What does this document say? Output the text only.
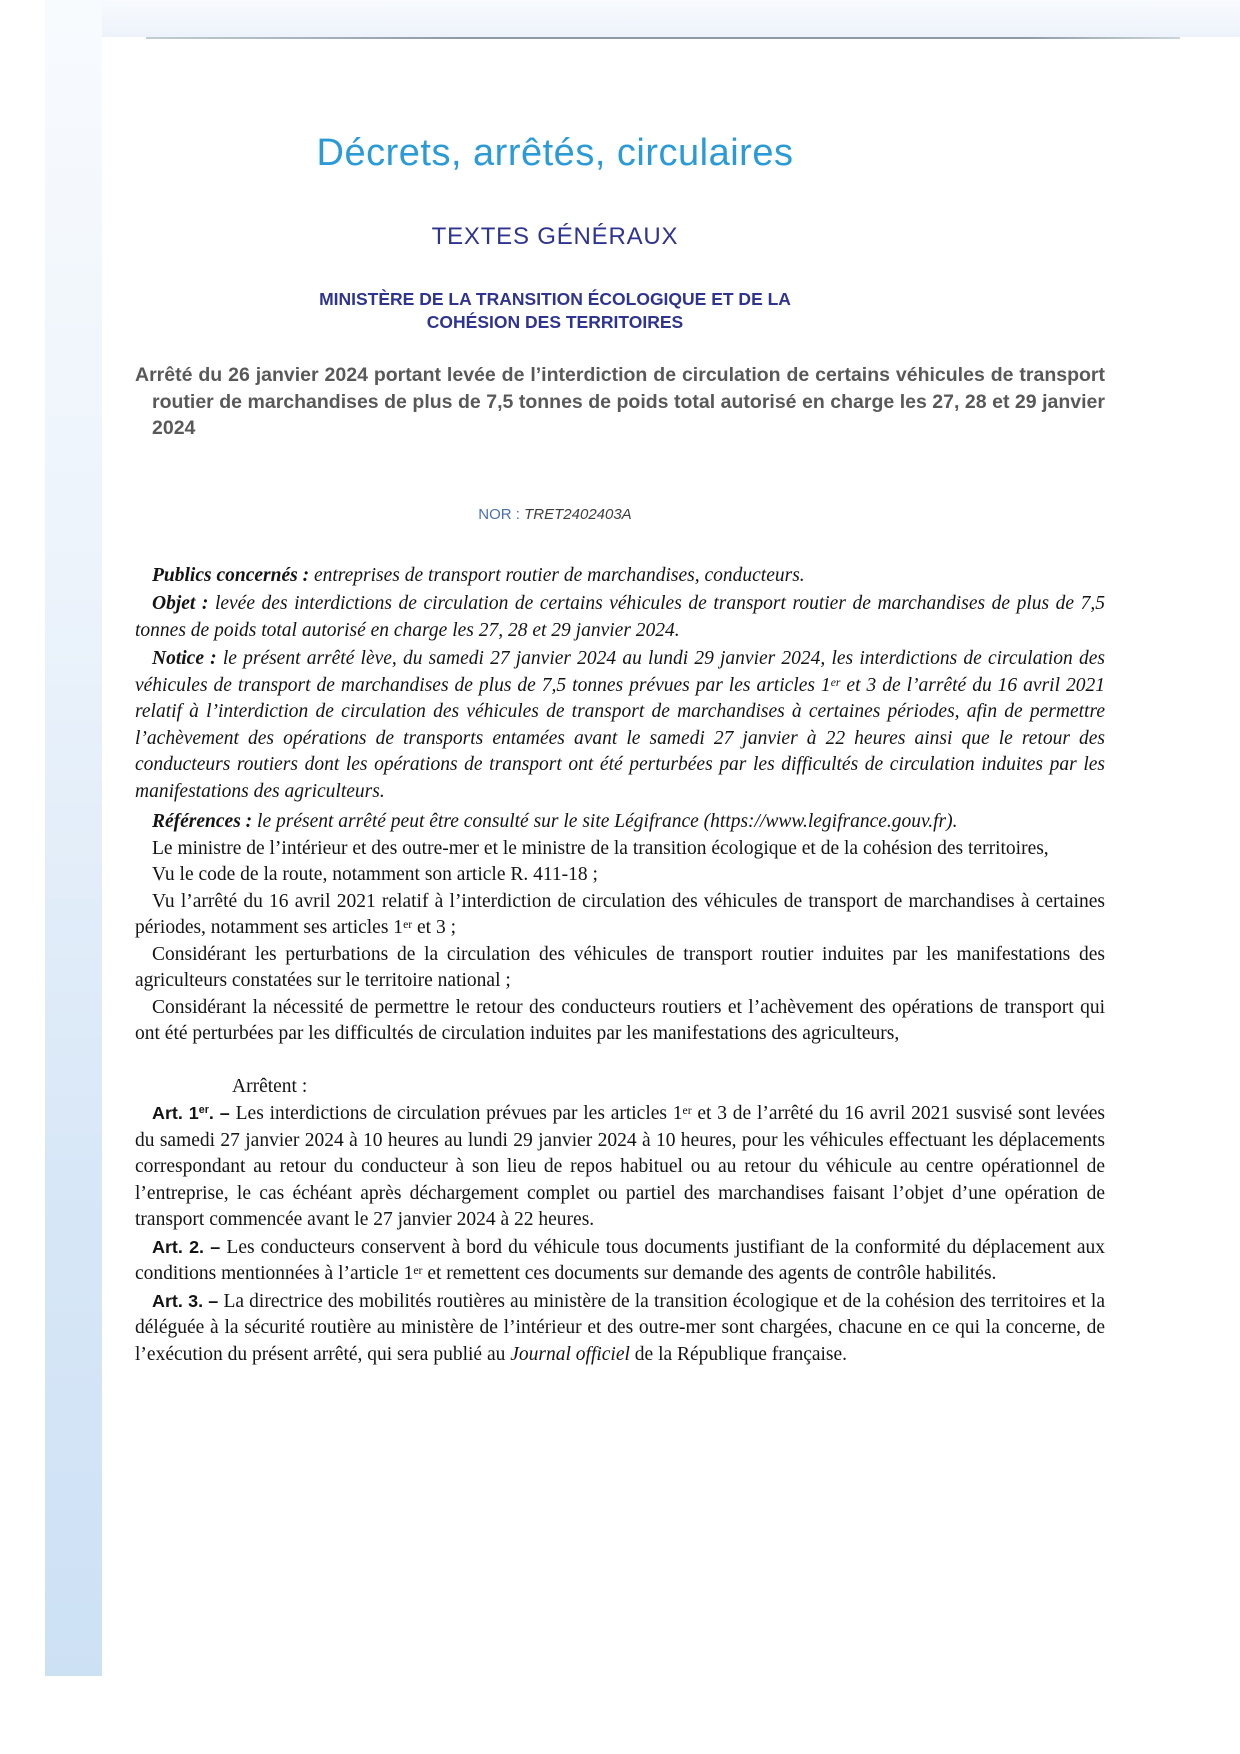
Décrets, arrêtés, circulaires
TEXTES GÉNÉRAUX
MINISTÈRE DE LA TRANSITION ÉCOLOGIQUE ET DE LA
COHÉSION DES TERRITOIRES
Arrêté du 26 janvier 2024 portant levée de l’interdiction de circulation de certains véhicules de transport routier de marchandises de plus de 7,5 tonnes de poids total autorisé en charge les 27, 28 et 29 janvier 2024
NOR : TRET2402403A

Publics concernés : entreprises de transport routier de marchandises, conducteurs.

Objet : levée des interdictions de circulation de certains véhicules de transport routier de marchandises de plus de 7,5 tonnes de poids total autorisé en charge les 27, 28 et 29 janvier 2024.

Notice : le présent arrêté lève, du samedi 27 janvier 2024 au lundi 29 janvier 2024, les interdictions de circulation des véhicules de transport de marchandises de plus de 7,5 tonnes prévues par les articles 1er et 3 de l’arrêté du 16 avril 2021 relatif à l’interdiction de circulation des véhicules de transport de marchandises à certaines périodes, afin de permettre l’achèvement des opérations de transports entamées avant le samedi 27 janvier à 22 heures ainsi que le retour des conducteurs routiers dont les opérations de transport ont été perturbées par les difficultés de circulation induites par les manifestations des agriculteurs.

Références : le présent arrêté peut être consulté sur le site Légifrance (https://www.legifrance.gouv.fr).

Le ministre de l’intérieur et des outre-mer et le ministre de la transition écologique et de la cohésion des territoires,

Vu le code de la route, notamment son article R. 411-18 ;

Vu l’arrêté du 16 avril 2021 relatif à l’interdiction de circulation des véhicules de transport de marchandises à certaines périodes, notamment ses articles 1er et 3 ;

Considérant les perturbations de la circulation des véhicules de transport routier induites par les manifestations des agriculteurs constatées sur le territoire national ;

Considérant la nécessité de permettre le retour des conducteurs routiers et l’achèvement des opérations de transport qui ont été perturbées par les difficultés de circulation induites par les manifestations des agriculteurs,

Arrêtent :

Art. 1er. – Les interdictions de circulation prévues par les articles 1er et 3 de l’arrêté du 16 avril 2021 susvisé sont levées du samedi 27 janvier 2024 à 10 heures au lundi 29 janvier 2024 à 10 heures, pour les véhicules effectuant les déplacements correspondant au retour du conducteur à son lieu de repos habituel ou au retour du véhicule au centre opérationnel de l’entreprise, le cas échéant après déchargement complet ou partiel des marchandises faisant l’objet d’une opération de transport commencée avant le 27 janvier 2024 à 22 heures.

Art. 2. – Les conducteurs conservent à bord du véhicule tous documents justifiant de la conformité du déplacement aux conditions mentionnées à l’article 1er et remettent ces documents sur demande des agents de contrôle habilités.

Art. 3. – La directrice des mobilités routières au ministère de la transition écologique et de la cohésion des territoires et la déléguée à la sécurité routière au ministère de l’intérieur et des outre-mer sont chargées, chacune en ce qui la concerne, de l’exécution du présent arrêté, qui sera publié au Journal officiel de la République française.
